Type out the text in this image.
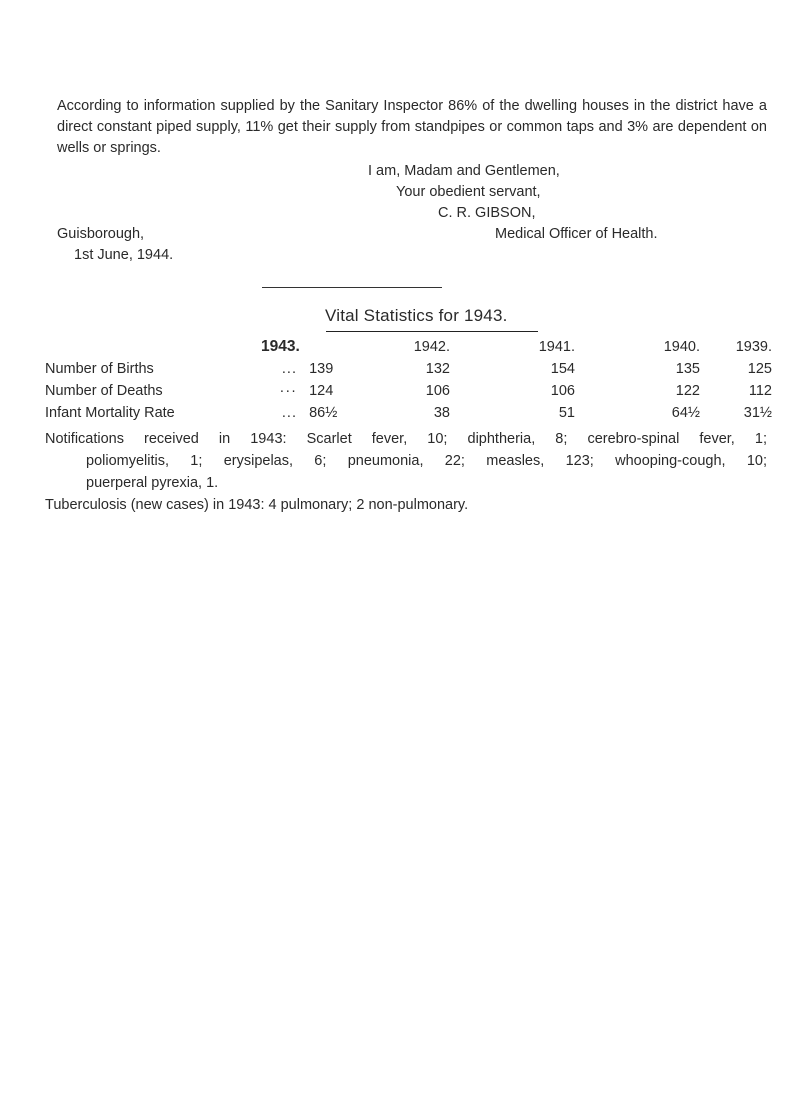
According to information supplied by the Sanitary Inspector 86% of the dwelling houses in the district have a direct constant piped supply, 11% get their supply from standpipes or common taps and 3% are dependent on wells or springs.
I am, Madam and Gentlemen,
Your obedient servant,
C. R. GIBSON,
Medical Officer of Health.
Guisborough,
1st June, 1944.
Vital Statistics for 1943.
	1943.	1942.	1941.	1940.	1939.
Number of Births	... 139	132	154	135	125
Number of Deaths	··· 124	106	106	122	112
Infant Mortality Rate	... 86½	38	51	64½	31½
Notifications received in 1943: Scarlet fever, 10; diphtheria, 8; cerebro-spinal fever, 1;
poliomyelitis, 1; erysipelas, 6; pneumonia, 22; measles, 123; whooping-cough, 10;
puerperal pyrexia, 1.
Tuberculosis (new cases) in 1943: 4 pulmonary; 2 non-pulmonary.
